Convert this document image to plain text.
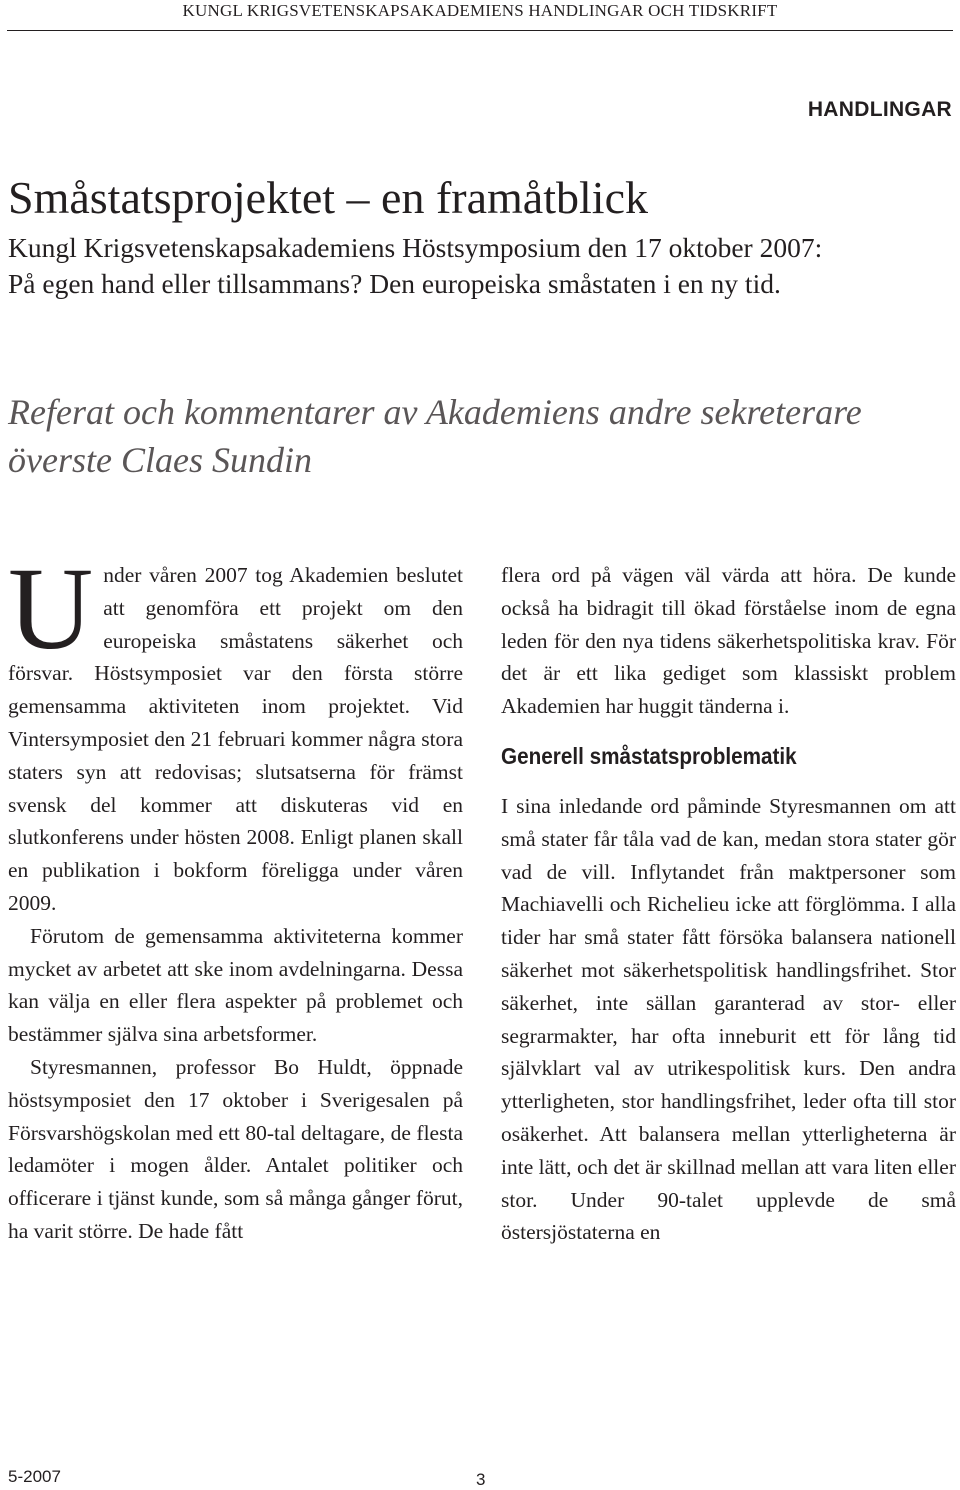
KUNGL KRIGSVETENSKAPSAKADEMIENS HANDLINGAR OCH TIDSKRIFT
HANDLINGAR
Småstatsprojektet – en framåtblick
Kungl Krigsvetenskapsakademiens Höstsymposium den 17 oktober 2007:
På egen hand eller tillsammans? Den europeiska småstaten i en ny tid.
Referat och kommentarer av Akademiens andre sekreterare
överste Claes Sundin

Under våren 2007 tog Akademien beslutet att genomföra ett projekt om den europeiska småstatens säkerhet och försvar. Höstsymposiet var den första större gemensamma aktiviteten inom projektet. Vid Vintersymposiet den 21 februari kommer några stora staters syn att redovisas; slutsatserna för främst svensk del kommer att diskuteras vid en slutkonferens under hösten 2008. Enligt planen skall en publikation i bokform föreligga under våren 2009.

Förutom de gemensamma aktiviteterna kommer mycket av arbetet att ske inom avdelningarna. Dessa kan välja en eller flera aspekter på problemet och bestämmer själva sina arbetsformer.

Styresmannen, professor Bo Huldt, öppnade höstsymposiet den 17 oktober i Sverigesalen på Försvarshögskolan med ett 80-tal deltagare, de flesta ledamöter i mogen ålder. Antalet politiker och officerare i tjänst kunde, som så många gånger förut, ha varit större. De hade fått

flera ord på vägen väl värda att höra. De kunde också ha bidragit till ökad förståelse inom de egna leden för den nya tidens säkerhetspolitiska krav. För det är ett lika gediget som klassiskt problem Akademien har huggit tänderna i.

Generell småstatsproblematik

I sina inledande ord påminde Styresmannen om att små stater får tåla vad de kan, medan stora stater gör vad de vill. Inflytandet från maktpersoner som Machiavelli och Richelieu icke att förglömma. I alla tider har små stater fått försöka balansera nationell säkerhet mot säkerhetspolitisk handlingsfrihet. Stor säkerhet, inte sällan garanterad av stor- eller segrarmakter, har ofta inneburit ett för lång tid självklart val av utrikespolitisk kurs. Den andra ytterligheten, stor handlingsfrihet, leder ofta till stor osäkerhet. Att balansera mellan ytterligheterna är inte lätt, och det är skillnad mellan att vara liten eller stor. Under 90-talet upplevde de små östersjöstaterna en

5-2007	3
